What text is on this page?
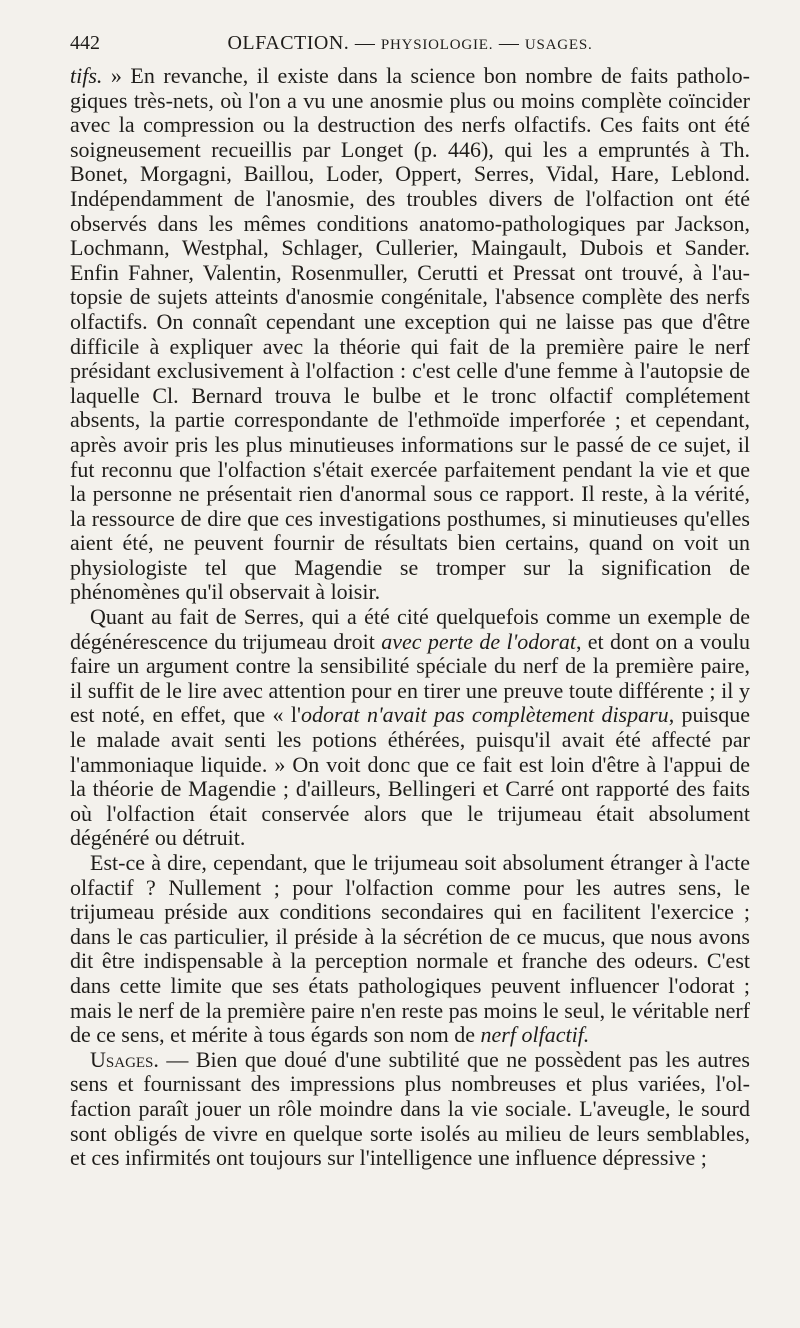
442	OLFACTION. — PHYSIOLOGIE. — USAGES.

tifs. » En revanche, il existe dans la science bon nombre de faits pathologiques très-nets, où l'on a vu une anosmie plus ou moins complète coïncider avec la compression ou la destruction des nerfs olfactifs. Ces faits ont été soigneusement recueillis par Longet (p. 446), qui les a empruntés à Th. Bonet, Morgagni, Baillou, Loder, Oppert, Serres, Vidal, Hare, Leblond. Indépendamment de l'anosmie, des troubles divers de l'olfaction ont été observés dans les mêmes conditions anatomo-pathologiques par Jackson, Lochmann, Westphal, Schlager, Cullerier, Maingault, Dubois et Sander. Enfin Fahner, Valentin, Rosenmuller, Cerutti et Pressat ont trouvé, à l'autopsie de sujets atteints d'anosmie congénitale, l'absence complète des nerfs olfactifs. On connaît cependant une exception qui ne laisse pas que d'être difficile à expliquer avec la théorie qui fait de la première paire le nerf présidant exclusivement à l'olfaction : c'est celle d'une femme à l'autopsie de laquelle Cl. Bernard trouva le bulbe et le tronc olfactif complétement absents, la partie correspondante de l'ethmoïde imperforée ; et cependant, après avoir pris les plus minutieuses informations sur le passé de ce sujet, il fut reconnu que l'olfaction s'était exercée parfaitement pendant la vie et que la personne ne présentait rien d'anormal sous ce rapport. Il reste, à la vérité, la ressource de dire que ces investigations posthumes, si minutieuses qu'elles aient été, ne peuvent fournir de résultats bien certains, quand on voit un physiologiste tel que Magendie se tromper sur la signification de phénomènes qu'il observait à loisir.

Quant au fait de Serres, qui a été cité quelquefois comme un exemple de dégénérescence du trijumeau droit avec perte de l'odorat, et dont on a voulu faire un argument contre la sensibilité spéciale du nerf de la première paire, il suffit de le lire avec attention pour en tirer une preuve toute différente ; il y est noté, en effet, que « l'odorat n'avait pas complètement disparu, puisque le malade avait senti les potions éthérées, puisqu'il avait été affecté par l'ammoniaque liquide. » On voit donc que ce fait est loin d'être à l'appui de la théorie de Magendie ; d'ailleurs, Bellingeri et Carré ont rapporté des faits où l'olfaction était conservée alors que le trijumeau était absolument dégénéré ou détruit.

Est-ce à dire, cependant, que le trijumeau soit absolument étranger à l'acte olfactif ? Nullement ; pour l'olfaction comme pour les autres sens, le trijumeau préside aux conditions secondaires qui en facilitent l'exercice ; dans le cas particulier, il préside à la sécrétion de ce mucus, que nous avons dit être indispensable à la perception normale et franche des odeurs. C'est dans cette limite que ses états pathologiques peuvent influencer l'odorat ; mais le nerf de la première paire n'en reste pas moins le seul, le véritable nerf de ce sens, et mérite à tous égards son nom de nerf olfactif.

Usages. — Bien que doué d'une subtilité que ne possèdent pas les autres sens et fournissant des impressions plus nombreuses et plus variées, l'olfaction paraît jouer un rôle moindre dans la vie sociale. L'aveugle, le sourd sont obligés de vivre en quelque sorte isolés au milieu de leurs semblables, et ces infirmités ont toujours sur l'intelligence une influence dépressive ;
